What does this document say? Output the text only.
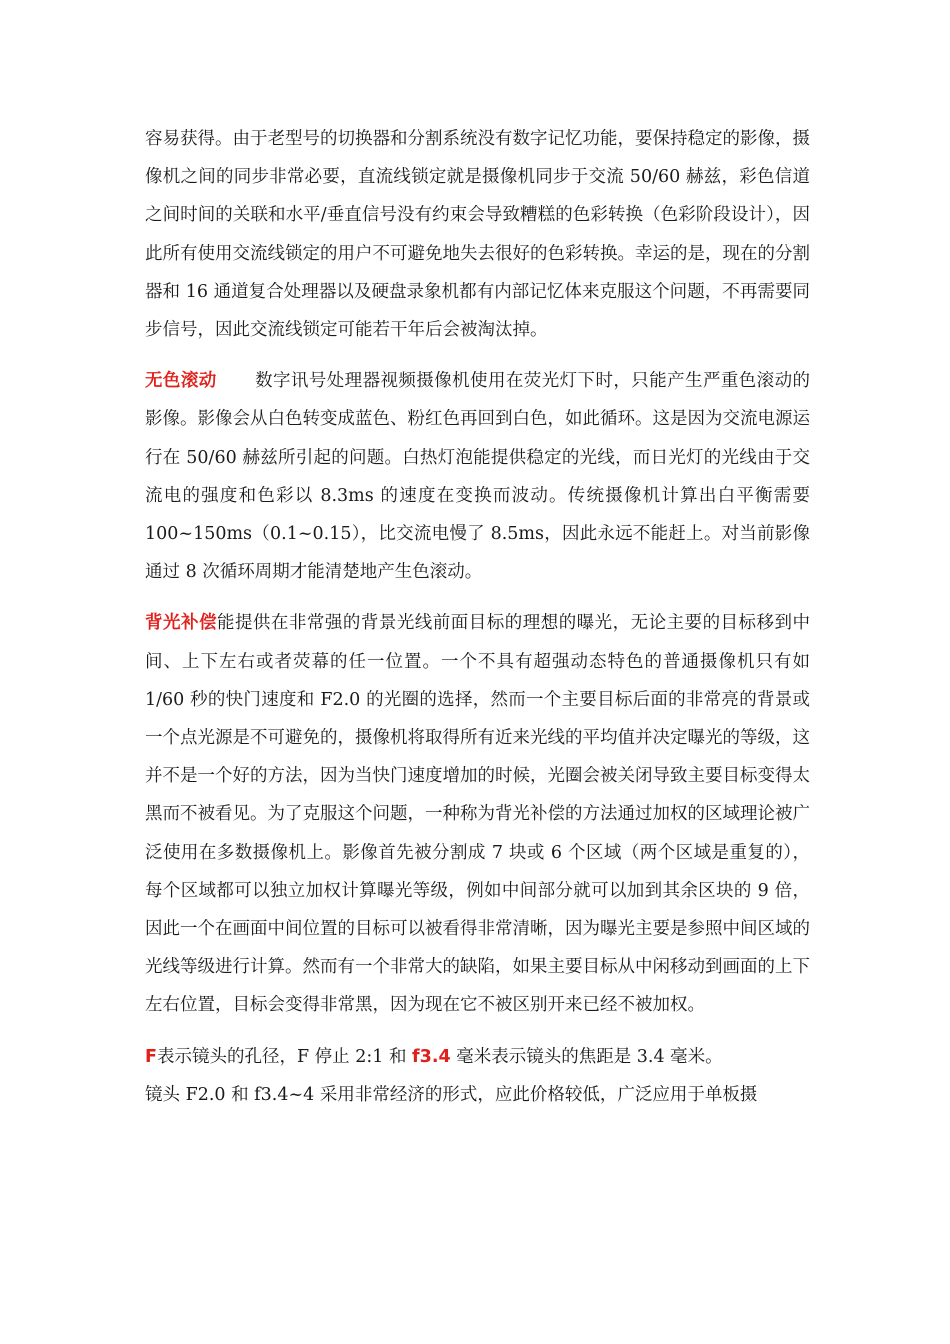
容易获得。由于老型号的切换器和分割系统没有数字记忆功能，要保持稳定的影像，摄像机之间的同步非常必要，直流线锁定就是摄像机同步于交流 50/60 赫兹，彩色信道之间时间的关联和水平/垂直信号没有约束会导致糟糕的色彩转换（色彩阶段设计），因此所有使用交流线锁定的用户不可避免地失去很好的色彩转换。幸运的是，现在的分割器和 16 通道复合处理器以及硬盘录象机都有内部记忆体来克服这个问题，不再需要同步信号，因此交流线锁定可能若干年后会被淘汰掉。

无色滚动 数字讯号处理器视频摄像机使用在荧光灯下时，只能产生严重色滚动的影像。影像会从白色转变成蓝色、粉红色再回到白色，如此循环。这是因为交流电源运行在 50/60 赫兹所引起的问题。白热灯泡能提供稳定的光线，而日光灯的光线由于交流电的强度和色彩以 8.3ms 的速度在变换而波动。传统摄像机计算出白平衡需要 100~150ms（0.1~0.15），比交流电慢了 8.5ms，因此永远不能赶上。对当前影像通过 8 次循环周期才能清楚地产生色滚动。

背光补偿能提供在非常强的背景光线前面目标的理想的曝光，无论主要的目标移到中间、上下左右或者荧幕的任一位置。一个不具有超强动态特色的普通摄像机只有如 1/60 秒的快门速度和 F2.0 的光圈的选择，然而一个主要目标后面的非常亮的背景或一个点光源是不可避免的，摄像机将取得所有近来光线的平均值并决定曝光的等级，这并不是一个好的方法，因为当快门速度增加的时候，光圈会被关闭导致主要目标变得太黑而不被看见。为了克服这个问题，一种称为背光补偿的方法通过加权的区域理论被广泛使用在多数摄像机上。影像首先被分割成 7 块或 6 个区域（两个区域是重复的），每个区域都可以独立加权计算曝光等级，例如中间部分就可以加到其余区块的 9 倍，因此一个在画面中间位置的目标可以被看得非常清晰，因为曝光主要是参照中间区域的光线等级进行计算。然而有一个非常大的缺陷，如果主要目标从中闲移动到画面的上下左右位置，目标会变得非常黑，因为现在它不被区别开来已经不被加权。

F表示镜头的孔径，F 停止 2:1 和 f3.4 毫米表示镜头的焦距是 3.4 毫米。
镜头 F2.0 和 f3.4~4 采用非常经济的形式，应此价格较低，广泛应用于单板摄
